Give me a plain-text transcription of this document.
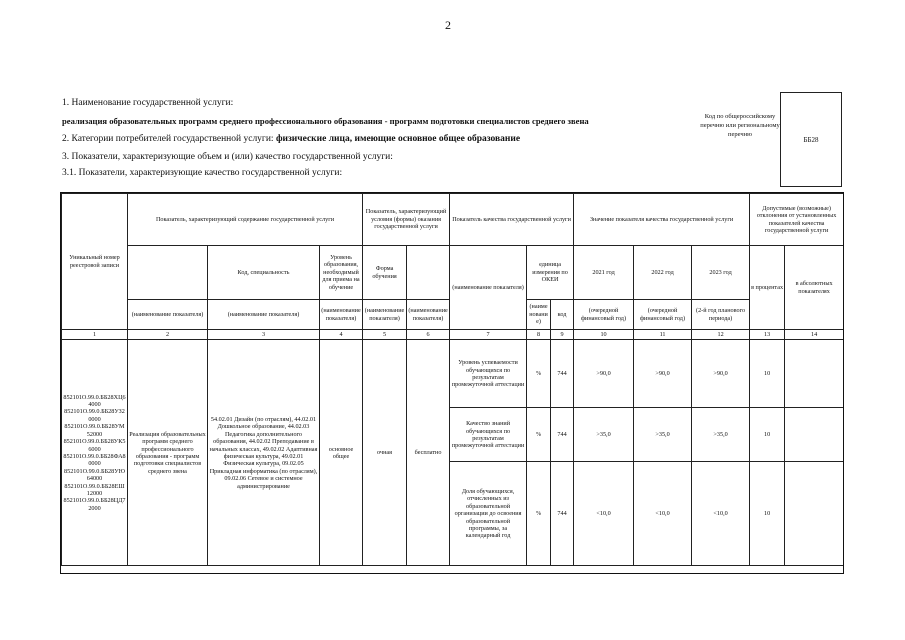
2
1. Наименование государственной услуги:
реализация образовательных программ среднего профессионального образования - программ подготовки специалистов среднего звена
2. Категории потребителей государственной услуги: физические лица, имеющие основное общее образование
3. Показатели, характеризующие объем и (или) качество государственной услуги:
3.1. Показатели, характеризующие качество государственной услуги:
Код по общероссийскому перечню или региональному перечню
ББ28
Уникальный номер реестровой записи	Показатель, характеризующий содержание государственной услуги			Показатель, характеризующий условия (формы) оказания государственной услуги		Показатель качества государственной услуги			Значение показателя качества государственной услуги			Допустимые (возможные) отклонения от установленных показателей качества государственной услуги	
		Код, специальность	Уровень образования, необходимый для приема на обучение	Форма обучения		(наименование показателя)	единица измерения по ОКЕИ		2021 год	2022 год	2023 год	в процентах	в абсолютных показателях
	(наименование показателя)	(наименование показателя)	(наименование показателя)	(наименование показателя)	(наименование показателя)		(наименование)	код	(очередной финансовый год)	(очередной финансовый год)	(2-й год планового периода)		
1	2	3	4	5	6	7	8	9	10	11	12	13	14
852101О.99.0.ББ28ХЦ64000 852101О.99.0.ББ28УЗ20000 852101О.99.0.ББ28УМ52000 852101О.99.0.ББ28УК56000 852101О.99.0.ББ28ФА80000 852101О.99.0.ББ28УЮ64000 852101О.99.0.ББ28ЕШ12000 852101О.99.0.ББ28ЦД72000	Реализация образовательных программ среднего профессионального образования - программ подготовки специалистов среднего звена	54.02.01 Дизайн (по отраслям), 44.02.01 Дошкольное образование, 44.02.03 Педагогика дополнительного образования, 44.02.02 Преподавание в начальных классах, 49.02.02 Адаптивная физическая культура, 49.02.01 Физическая культура, 09.02.05 Прикладная информатика (по отраслям), 09.02.06 Сетевое и системное администрирование	основное общее	очная	бесплатно	Уровень успеваемости обучающихся по результатам промежуточной аттестации	%	744	>90,0	>90,0	>90,0	10	
						Качество знаний обучающихся по результатам промежуточной аттестации	%	744	>35,0	>35,0	>35,0	10	
						Доля обучающихся, отчисленных из образовательной организации до освоения образовательной программы, за календарный год	%	744	<10,0	<10,0	<10,0	10	
